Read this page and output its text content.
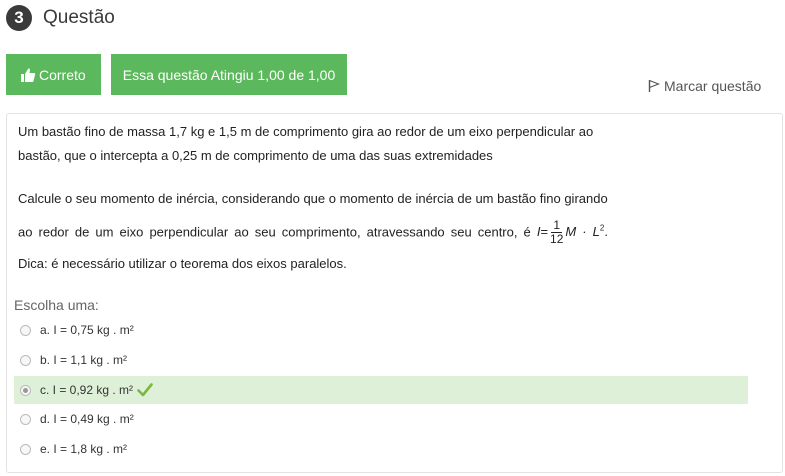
3	Questão
Correto	Essa questão Atingiu 1,00 de 1,00
Marcar questão

Um bastão fino de massa 1,7 kg e 1,5 m de comprimento gira ao redor de um eixo perpendicular ao bastão, que o intercepta a 0,25 m de comprimento de uma das suas extremidades

Calcule o seu momento de inércia, considerando que o momento de inércia de um bastão fino girando

ao redor de um eixo perpendicular ao seu comprimento, atravessando seu centro, é $I= \frac{1}{12}$ $M \cdot L^2$.

Dica: é necessário utilizar o teorema dos eixos paralelos.

Escolha uma:
a. I = 0,75 kg . m²
b. I = 1,1 kg . m²
c. I = 0,92 kg . m²
d. I = 0,49 kg . m²
e. I = 1,8 kg . m²
